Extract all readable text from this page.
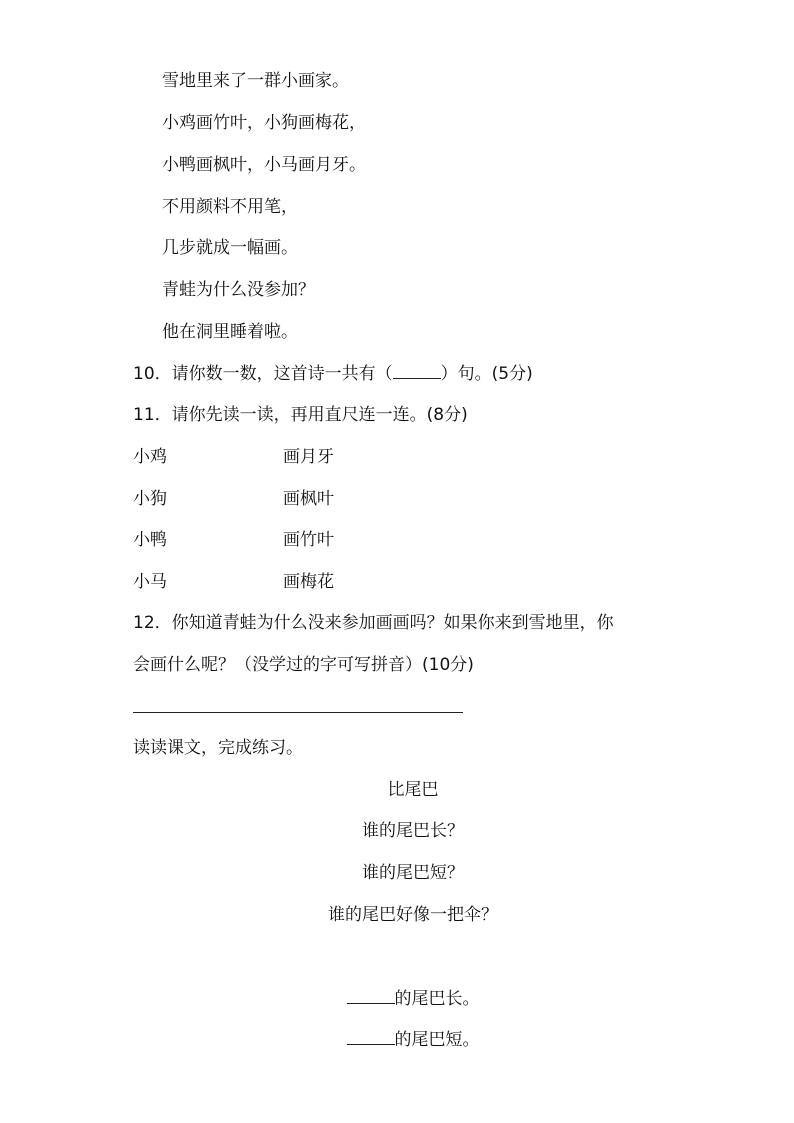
雪地里来了一群小画家。
小鸡画竹叶，小狗画梅花，
小鸭画枫叶，小马画月牙。
不用颜料不用笔，
几步就成一幅画。
青蛙为什么没参加？
他在洞里睡着啦。
10．请你数一数，这首诗一共有（	）句。(5分)
11．请你先读一读，再用直尺连一连。(8分)
小鸡	画月牙
小狗	画枫叶
小鸭	画竹叶
小马	画梅花
12．你知道青蛙为什么没来参加画画吗？如果你来到雪地里，你
会画什么呢？（没学过的字可写拼音）(10分)
读读课文，完成练习。
比尾巴
谁的尾巴长？
谁的尾巴短？
谁的尾巴好像一把伞？
的尾巴长。
的尾巴短。
